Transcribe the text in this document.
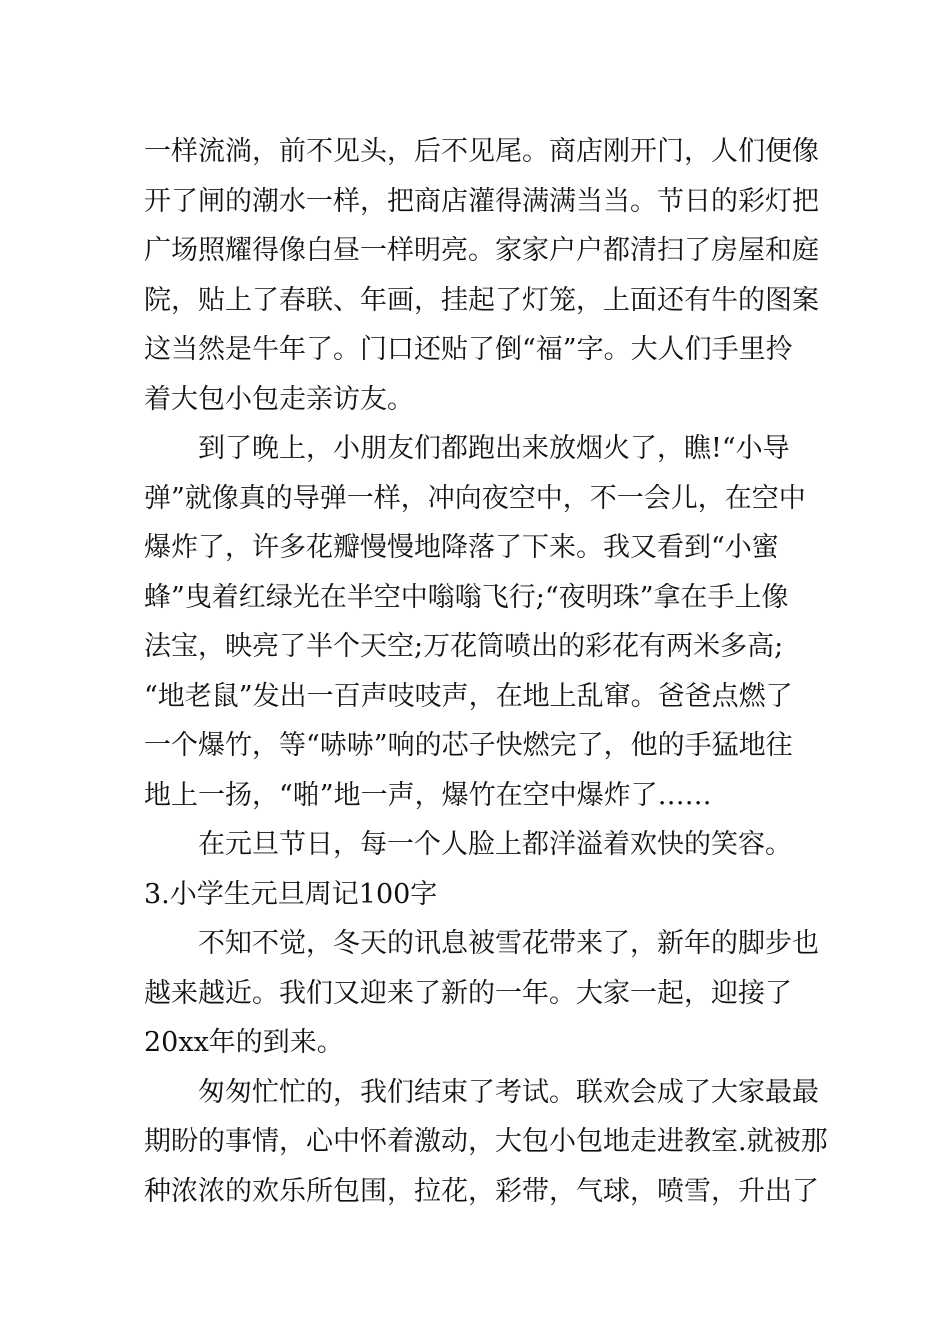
一样流淌，前不见头，后不见尾。商店刚开门，人们便像
开了闸的潮水一样，把商店灌得满满当当。节日的彩灯把
广场照耀得像白昼一样明亮。家家户户都清扫了房屋和庭
院，贴上了春联、年画，挂起了灯笼，上面还有牛的图案
这当然是牛年了。门口还贴了倒“福”字。大人们手里拎
着大包小包走亲访友。
到了晚上，小朋友们都跑出来放烟火了，瞧!“小导
弹”就像真的导弹一样，冲向夜空中，不一会儿，在空中
爆炸了，许多花瓣慢慢地降落了下来。我又看到“小蜜
蜂”曳着红绿光在半空中嗡嗡飞行;“夜明珠”拿在手上像
法宝，映亮了半个天空;万花筒喷出的彩花有两米多高;
“地老鼠”发出一百声吱吱声，在地上乱窜。爸爸点燃了
一个爆竹，等“哧哧”响的芯子快燃完了，他的手猛地往
地上一扬，“啪”地一声，爆竹在空中爆炸了……
在元旦节日，每一个人脸上都洋溢着欢快的笑容。
3.小学生元旦周记100字
不知不觉，冬天的讯息被雪花带来了，新年的脚步也
越来越近。我们又迎来了新的一年。大家一起，迎接了
20xx年的到来。
匆匆忙忙的，我们结束了考试。联欢会成了大家最最
期盼的事情，心中怀着激动，大包小包地走进教室.就被那
种浓浓的欢乐所包围，拉花，彩带，气球，喷雪，升出了
